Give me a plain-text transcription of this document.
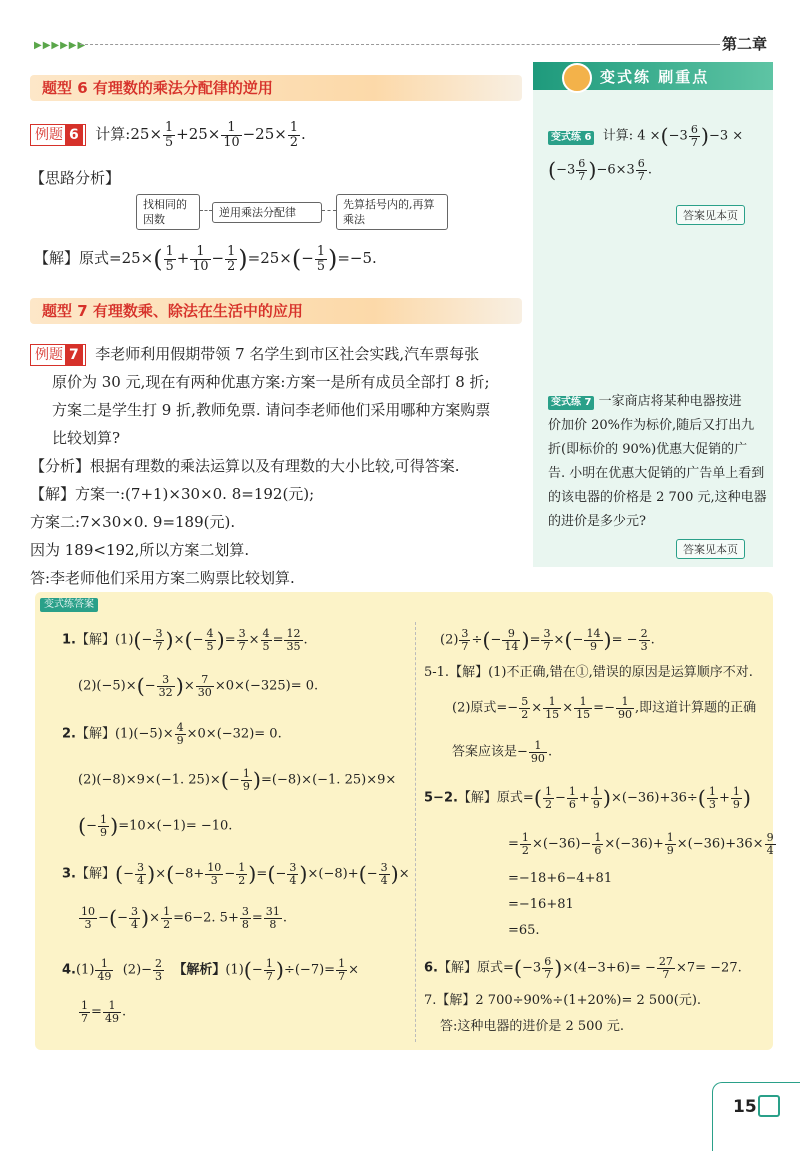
▶▶▶▶▶▶	第二章
题型 6 有理数的乘法分配律的逆用
例题 6 计算:25× $\frac{1}{5} +25\times \frac{1}{10} -25\times \frac{1}{2}$ .
【思路分析】
找相同的因数
逆用乘法分配律
先算括号内的,再算乘法
【解】原式$=25\times( \frac{1}{5} + \frac{1}{10} - \frac{1}{2} )=25\times(- \frac{1}{5} )=-5$.
题型 7 有理数乘、除法在生活中的应用
例题 7 李老师利用假期带领 7 名学生到市区社会实践,汽车票每张
原价为 30 元,现在有两种优惠方案:方案一是所有成员全部打 8 折;
方案二是学生打 9 折,教师免票. 请问李老师他们采用哪种方案购票
比较划算?
【分析】根据有理数的乘法运算以及有理数的大小比较,可得答案.
【解】方案一:(7+1)×30×0. 8=192(元);
方案二:7×30×0. 9=189(元).
因为 189<192,所以方案二划算.
答:李老师他们采用方案二购票比较划算.
变式练 刷重点
变式练 6 计算: $4 \times(-3 \frac{6}{7} )-3$ ×
$(-3 \frac{6}{7} )-6\times 3 \frac{6}{7}$ .
答案见本页
变式练 7 一家商店将某种电器按进
价加价 20%作为标价,随后又打出九
折(即标价的 90%)优惠大促销的广
告. 小明在优惠大促销的广告单上看到
的该电器的价格是 2 700 元,这种电器
的进价是多少元?
答案见本页
变式练答案
1.【解】$(1)(- \frac{3}{7}$ )×(− $\frac{4}{5}$ )= $\frac{3}{7} \times \frac{4}{5} = \frac{12}{35}$ .
$(2)(-5)\times(- \frac{3}{32}$ )× $\frac{7}{30} \times 0\times(-325)= 0$.
2.【解】$(1)(-5)\times \frac{4}{9} \times 0\times(-32)= 0$.
(2)(−8)×9×(−1. $25)\times(- \frac{1}{9} )=(-8)\times(-1$. 25)×9×
(− $\frac{1}{9} )=10\times(-1)= -10$.
3.【解】(− $\frac{3}{4} )\times(-8+ \frac{10}{3} - \frac{1}{2}$ )=(− $\frac{3}{4} )\times(-8)+(- \frac{3}{4}$ )×
$\frac{10}{3}$ −(− $\frac{3}{4}$ )× $\frac{1}{2} =6-2$. $5+ \frac{3}{8} = \frac{31}{8}$ .
$4.(1) \frac{1}{49} (2)- \frac{2}{3}$ 【解析】$(1)(- \frac{1}{7} )\div(-7)= \frac{1}{7}$ ×
$\frac{1}{7} = \frac{1}{49}$ .
$(2) \frac{3}{7}$ ÷(− $\frac{9}{14}$ )= $\frac{3}{7}$ ×(− $\frac{14}{9}$ )= − $\frac{2}{3}$ .
5-1.【解】(1)不正确,错在①,错误的原因是运算顺序不对.
(2)原式=− $\frac{5}{2} \times \frac{1}{15} \times \frac{1}{15} =- \frac{1}{90}$ ,即这道计算题的正确
答案应该是− $\frac{1}{90}$ .
5−2.【解】原式=( $\frac{1}{2} - \frac{1}{6} + \frac{1}{9} )\times(-36)+36\div( \frac{1}{3} + \frac{1}{9}$ )
= $\frac{1}{2} \times(-36)- \frac{1}{6} \times(-36)+ \frac{1}{9} \times(-36)+36\times \frac{9}{4}$
=−18+6−4+81
=−16+81
=65.
6.【解】原式$=(-3 \frac{6}{7} )\times(4-3+6)= - \frac{27}{7} \times 7= -27$.
7.【解】2 700÷90%÷(1+20%)= 2 500(元).
答:这种电器的进价是 2 500 元.
15
